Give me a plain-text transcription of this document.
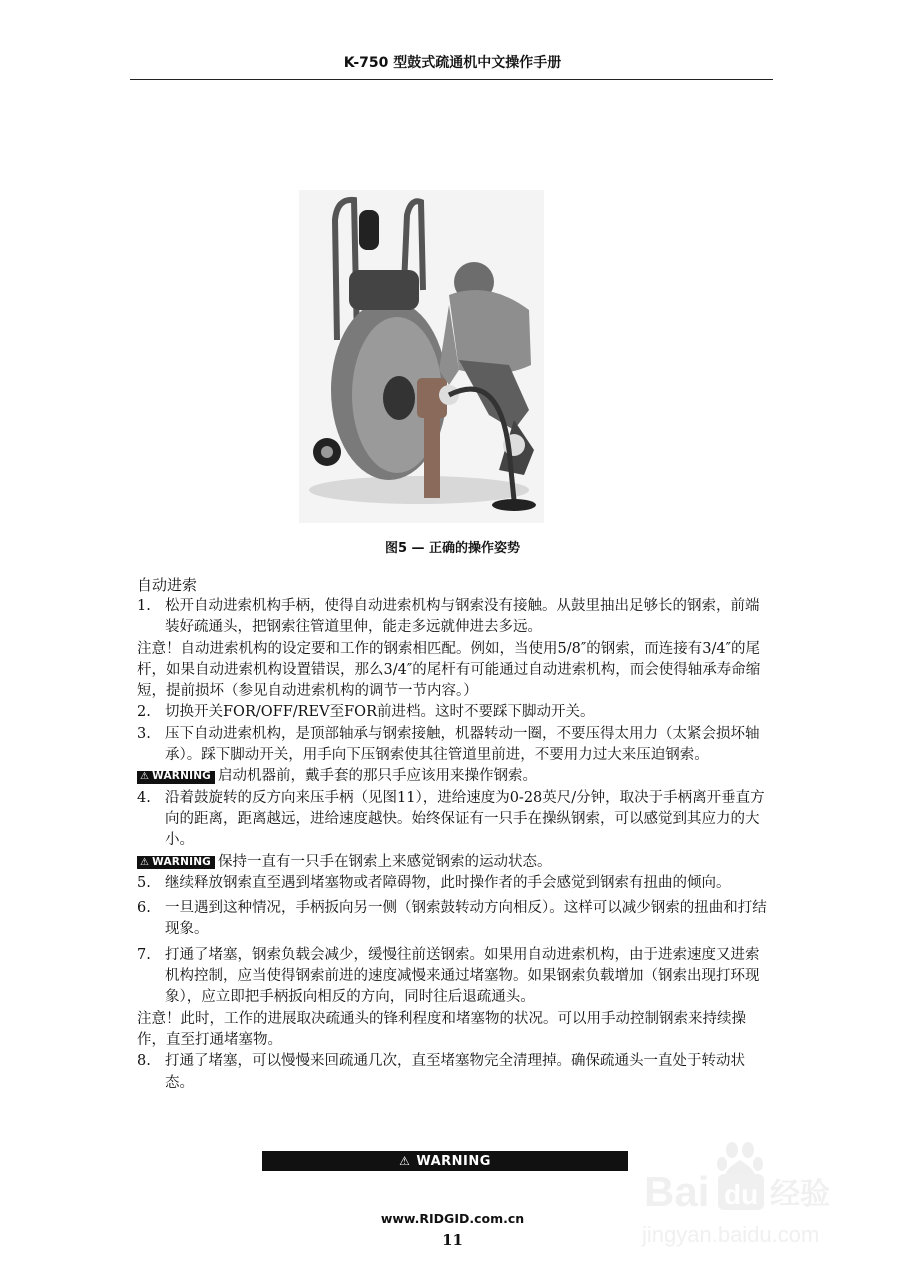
K-750 型鼓式疏通机中文操作手册
图5 — 正确的操作姿势
自动进索
1. 松开自动进索机构手柄，使得自动进索机构与钢索没有接触。从鼓里抽出足够长的钢索，前端装好疏通头，把钢索往管道里伸，能走多远就伸进去多远。
注意！自动进索机构的设定要和工作的钢索相匹配。例如，当使用5/8″的钢索，而连接有3/4″的尾杆，如果自动进索机构设置错误，那么3/4″的尾杆有可能通过自动进索机构，而会使得轴承寿命缩短，提前损坏（参见自动进索机构的调节一节内容。）
2. 切换开关FOR/OFF/REV至FOR前进档。这时不要踩下脚动开关。
3. 压下自动进索机构，是顶部轴承与钢索接触，机器转动一圈，不要压得太用力（太紧会损坏轴承）。踩下脚动开关，用手向下压钢索使其往管道里前进，不要用力过大来压迫钢索。
⚠ WARNING 启动机器前，戴手套的那只手应该用来操作钢索。
4. 沿着鼓旋转的反方向来压手柄（见图11），进给速度为0-28英尺/分钟，取决于手柄离开垂直方向的距离，距离越远，进给速度越快。始终保证有一只手在操纵钢索，可以感觉到其应力的大小。
⚠ WARNING 保持一直有一只手在钢索上来感觉钢索的运动状态。
5. 继续释放钢索直至遇到堵塞物或者障碍物，此时操作者的手会感觉到钢索有扭曲的倾向。
6. 一旦遇到这种情况，手柄扳向另一侧（钢索鼓转动方向相反）。这样可以减少钢索的扭曲和打结现象。
7. 打通了堵塞，钢索负载会减少，缓慢往前送钢索。如果用自动进索机构，由于进索速度又进索机构控制，应当使得钢索前进的速度减慢来通过堵塞物。如果钢索负载增加（钢索出现打环现象），应立即把手柄扳向相反的方向，同时往后退疏通头。
注意！此时，工作的进展取决疏通头的锋利程度和堵塞物的状况。可以用手动控制钢索来持续操作，直至打通堵塞物。
8. 打通了堵塞，可以慢慢来回疏通几次，直至堵塞物完全清理掉。确保疏通头一直处于转动状态。
⚠ WARNING
www.RIDGID.com.cn
11
Bai du 经验
jingyan.baidu.com
